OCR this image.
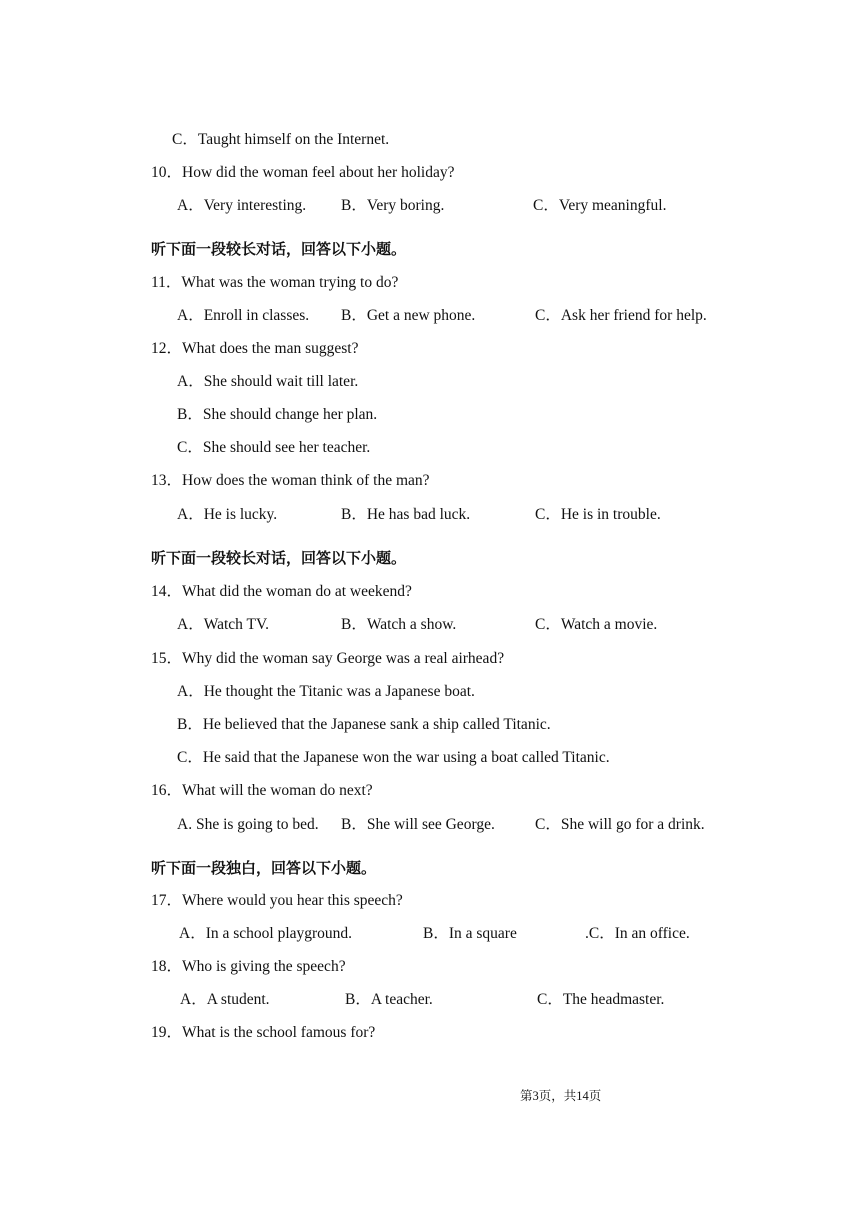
C．Taught himself on the Internet.
10．How did the woman feel about her holiday?
A．Very interesting. B．Very boring.	C．Very meaningful.
听下面一段较长对话，回答以下小题。
11．What was the woman trying to do?
A．Enroll in classes. B．Get a new phone.	C．Ask her friend for help.
12．What does the man suggest?
A．She should wait till later.
B．She should change her plan.
C．She should see her teacher.
13．How does the woman think of the man?
A．He is lucky.	B．He has bad luck.	C．He is in trouble.
听下面一段较长对话，回答以下小题。
14．What did the woman do at weekend?
A．Watch TV.	B．Watch a show.	C．Watch a movie.
15．Why did the woman say George was a real airhead?
A．He thought the Titanic was a Japanese boat.
B．He believed that the Japanese sank a ship called Titanic.
C．He said that the Japanese won the war using a boat called Titanic.
16．What will the woman do next?
A. She is going to bed. B．She will see George.	C．She will go for a drink.
听下面一段独白，回答以下小题。
17．Where would you hear this speech?
A．In a school playground.	B．In a square	.C．In an office.
18．Who is giving the speech?
A．A student.	B．A teacher.	C．The headmaster.
19．What is the school famous for?
第3页，共14页
